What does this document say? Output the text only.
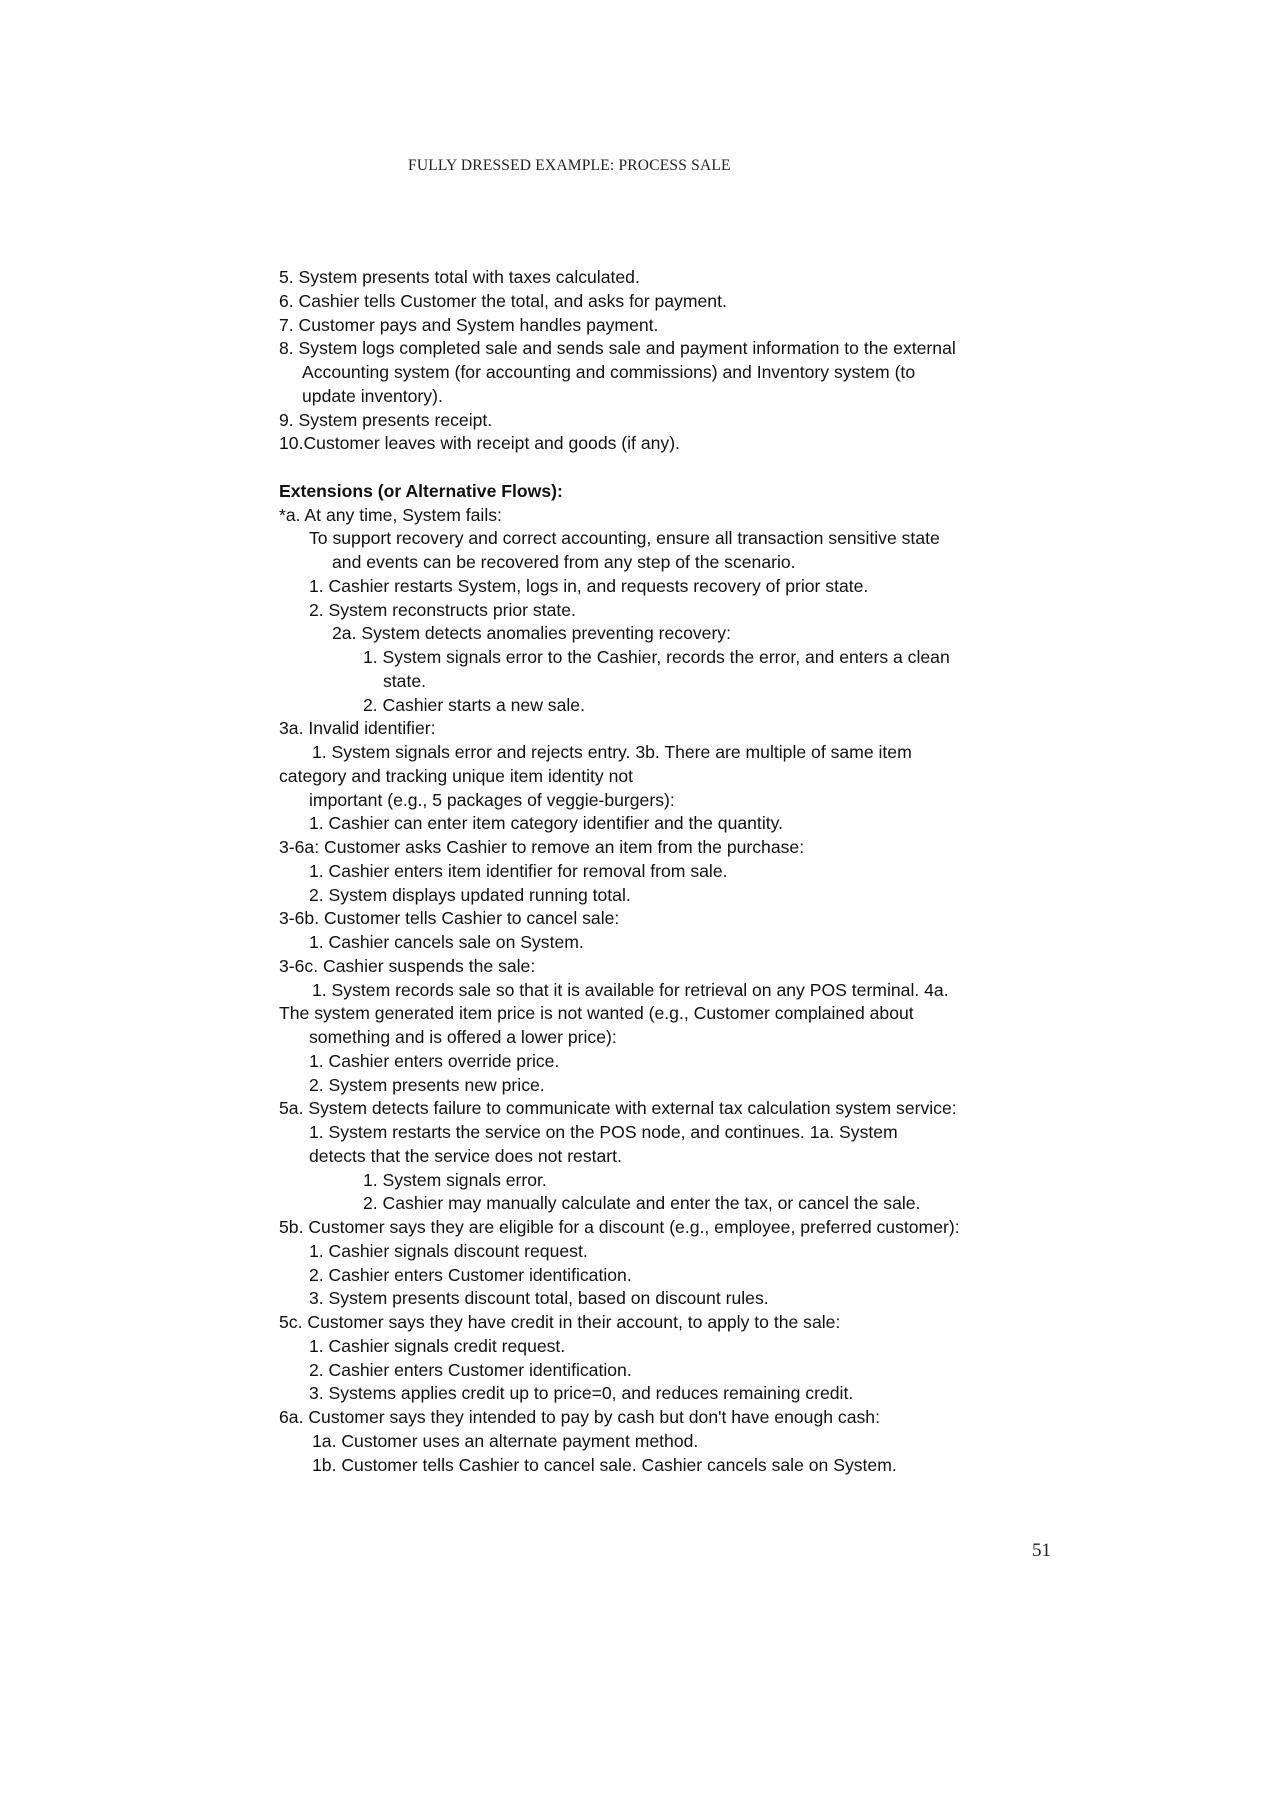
FULLY DRESSED EXAMPLE: PROCESS SALE
5. System presents total with taxes calculated.
6. Cashier tells Customer the total, and asks for payment.
7. Customer pays and System handles payment.
8. System logs completed sale and sends sale and payment information to the external
Accounting system (for accounting and commissions) and Inventory system (to
update inventory).
9. System presents receipt.
10.Customer leaves with receipt and goods (if any).
Extensions (or Alternative Flows):
*a. At any time, System fails:
To support recovery and correct accounting, ensure all transaction sensitive state
and events can be recovered from any step of the scenario.
1. Cashier restarts System, logs in, and requests recovery of prior state.
2. System reconstructs prior state.
2a. System detects anomalies preventing recovery:
1. System signals error to the Cashier, records the error, and enters a clean
state.
2. Cashier starts a new sale.
3a. Invalid identifier:
1. System signals error and rejects entry. 3b. There are multiple of same item
category and tracking unique item identity not
important (e.g., 5 packages of veggie-burgers):
1. Cashier can enter item category identifier and the quantity.
3-6a: Customer asks Cashier to remove an item from the purchase:
1. Cashier enters item identifier for removal from sale.
2. System displays updated running total.
3-6b. Customer tells Cashier to cancel sale:
1. Cashier cancels sale on System.
3-6c. Cashier suspends the sale:
1. System records sale so that it is available for retrieval on any POS terminal. 4a.
The system generated item price is not wanted (e.g., Customer complained about
something and is offered a lower price):
1. Cashier enters override price.
2. System presents new price.
5a. System detects failure to communicate with external tax calculation system service:
1. System restarts the service on the POS node, and continues. 1a. System
detects that the service does not restart.
1. System signals error.
2. Cashier may manually calculate and enter the tax, or cancel the sale.
5b. Customer says they are eligible for a discount (e.g., employee, preferred customer):
1. Cashier signals discount request.
2. Cashier enters Customer identification.
3. System presents discount total, based on discount rules.
5c. Customer says they have credit in their account, to apply to the sale:
1. Cashier signals credit request.
2. Cashier enters Customer identification.
3. Systems applies credit up to price=0, and reduces remaining credit.
6a. Customer says they intended to pay by cash but don't have enough cash:
1a. Customer uses an alternate payment method.
1b. Customer tells Cashier to cancel sale. Cashier cancels sale on System.
51
